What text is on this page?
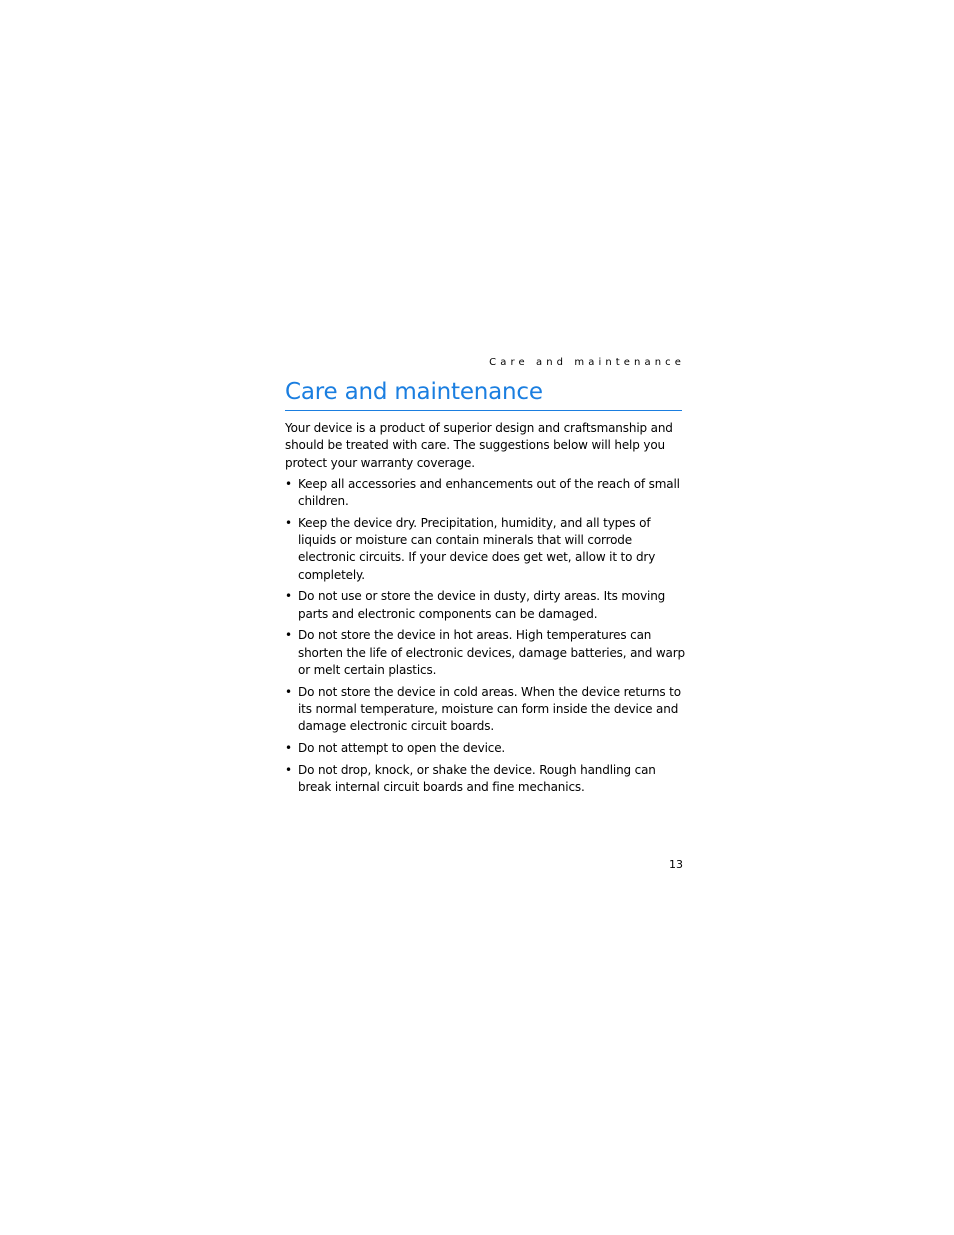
Care and maintenance
Care and maintenance

Your device is a product of superior design and craftsmanship and should be treated with care. The suggestions below will help you protect your warranty coverage.

• Keep all accessories and enhancements out of the reach of small children.
• Keep the device dry. Precipitation, humidity, and all types of liquids or moisture can contain minerals that will corrode electronic circuits. If your device does get wet, allow it to dry completely.
• Do not use or store the device in dusty, dirty areas. Its moving parts and electronic components can be damaged.
• Do not store the device in hot areas. High temperatures can shorten the life of electronic devices, damage batteries, and warp or melt certain plastics.
• Do not store the device in cold areas. When the device returns to its normal temperature, moisture can form inside the device and damage electronic circuit boards.
• Do not attempt to open the device.
• Do not drop, knock, or shake the device. Rough handling can break internal circuit boards and fine mechanics.
13
